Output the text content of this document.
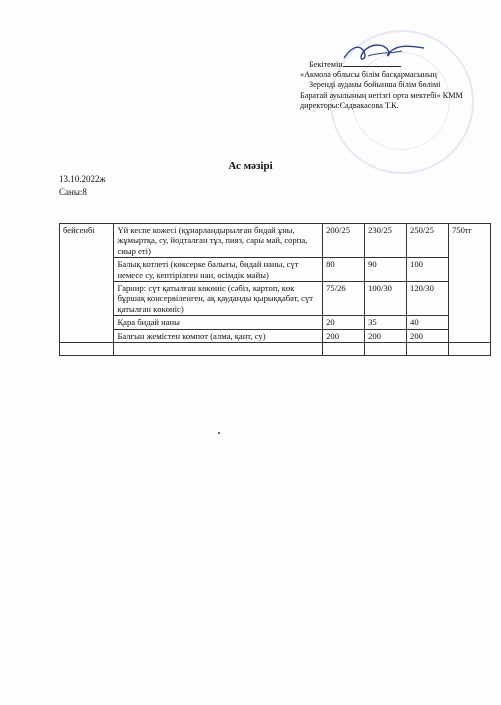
Бекітемін
«Акмола облысы білім басқармасының
Зеренді ауданы бойынша білім бөлімі
Баратай ауылының негізгі орта мектебі» КММ
директоры:Садвакасова Т.К.
Ас мәзірі
13.10.2022ж
Саны:8
бейсенбі	Үй кеспе кожесі (құнарландырылған бидай ұны, жұмыртқа, су, йодталған тұз, пияз, сары май, сорпа, сиыр еті)	200/25	230/25	250/25	750тг
	Балық котлеті (көксерке балығы, бидай наны, сүт немесе су, кептірілген нан, өсімдік майы)	80	90	100	
	Гарнир: сүт қатылған көкөніс (сәбіз, картоп, көк бұршақ консервіленген, ақ қауданды қырыққабат, сүт қатылған көкөніс)	75/26	100/30	120/30	
	Қара бидай наны	20	35	40	
	Балғын жемістен компот (алма, қант, су)	200	200	200	
